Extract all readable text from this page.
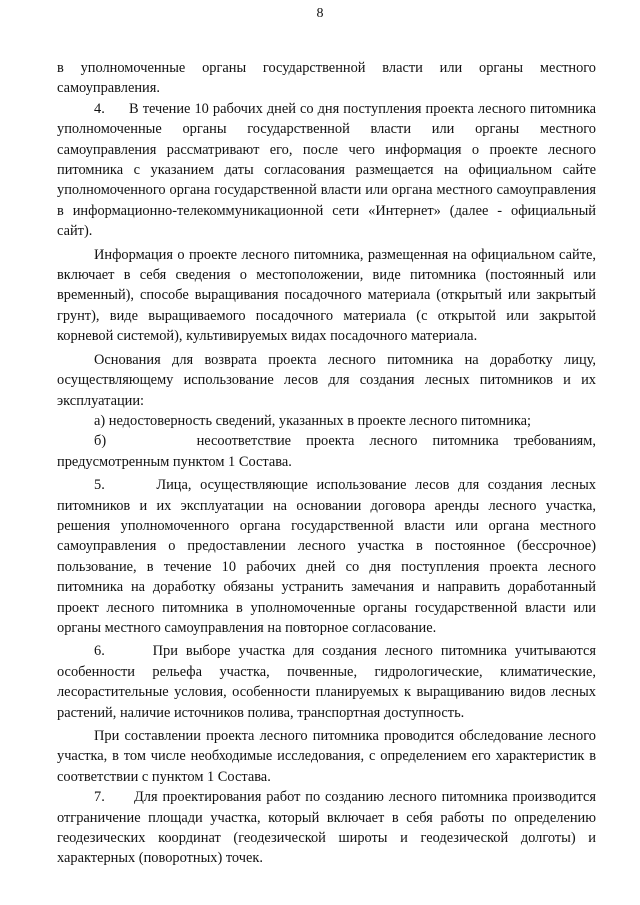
8

в уполномоченные органы государственной власти или органы местного самоуправления.

4.      В течение 10 рабочих дней со дня поступления проекта лесного питомника уполномоченные органы государственной власти или органы местного самоуправления рассматривают его, после чего информация о проекте лесного питомника с указанием даты согласования размещается на официальном сайте уполномоченного органа государственной власти или органа местного самоуправления в информационно-телекоммуникационной сети «Интернет» (далее - официальный сайт).

Информация о проекте лесного питомника, размещенная на официальном сайте, включает в себя сведения о местоположении, виде питомника (постоянный или временный), способе выращивания посадочного материала (открытый или закрытый грунт), виде выращиваемого посадочного материала (с открытой или закрытой корневой системой), культивируемых видах посадочного материала.

Основания для возврата проекта лесного питомника на доработку лицу, осуществляющему использование лесов для создания лесных питомников и их эксплуатации:

а) недостоверность сведений, указанных в проекте лесного питомника;

б)      несоответствие проекта лесного питомника требованиям, предусмотренным пунктом 1 Состава.

5.      Лица, осуществляющие использование лесов для создания лесных питомников и их эксплуатации на основании договора аренды лесного участка, решения уполномоченного органа государственной власти или органа местного самоуправления о предоставлении лесного участка в постоянное (бессрочное) пользование, в течение 10 рабочих дней со дня поступления проекта лесного питомника на доработку обязаны устранить замечания и направить доработанный проект лесного питомника в уполномоченные органы государственной власти или органы местного самоуправления на повторное согласование.

6.      При выборе участка для создания лесного питомника учитываются особенности рельефа участка, почвенные, гидрологические, климатические, лесорастительные условия, особенности планируемых к выращиванию видов лесных растений, наличие источников полива, транспортная доступность.

При составлении проекта лесного питомника проводится обследование лесного участка, в том числе необходимые исследования, с определением его характеристик в соответствии с пунктом 1 Состава.

7.      Для проектирования работ по созданию лесного питомника производится отграничение площади участка, который включает в себя работы по определению геодезических координат (геодезической широты и геодезической долготы) и характерных (поворотных) точек.
